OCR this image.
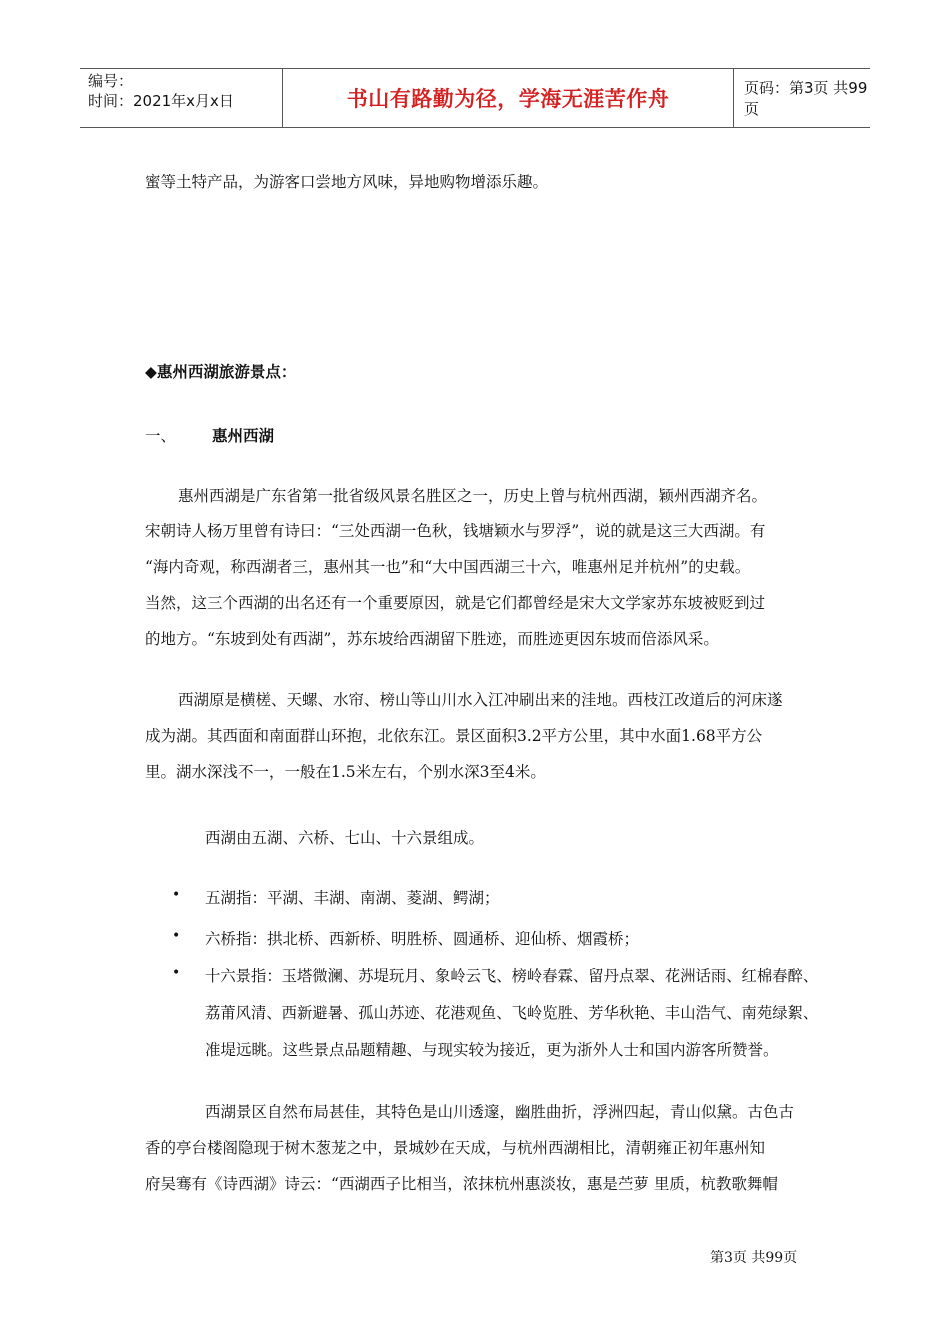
编号：
时间：2021年x月x日	书山有路勤为径，学海无涯苦作舟	页码：第3页 共99页
蜜等土特产品，为游客口尝地方风味，异地购物增添乐趣。
◆惠州西湖旅游景点：
一、 惠州西湖
惠州西湖是广东省第一批省级风景名胜区之一，历史上曾与杭州西湖，颖州西湖齐名。
宋朝诗人杨万里曾有诗曰：“三处西湖一色秋，钱塘颖水与罗浮”，说的就是这三大西湖。有
“海内奇观，称西湖者三，惠州其一也”和“大中国西湖三十六，唯惠州足并杭州”的史载。
当然，这三个西湖的出名还有一个重要原因，就是它们都曾经是宋大文学家苏东坡被贬到过
的地方。“东坡到处有西湖”，苏东坡给西湖留下胜迹，而胜迹更因东坡而倍添风采。
西湖原是横槎、天螺、水帘、榜山等山川水入江冲刷出来的洼地。西枝江改道后的河床遂
成为湖。其西面和南面群山环抱，北依东江。景区面积3.2平方公里，其中水面1.68平方公
里。湖水深浅不一，一般在1.5米左右，个别水深3至4米。
西湖由五湖、六桥、七山、十六景组成。
• 五湖指：平湖、丰湖、南湖、菱湖、鳄湖；
• 六桥指：拱北桥、西新桥、明胜桥、圆通桥、迎仙桥、烟霞桥；
• 十六景指：玉塔微澜、苏堤玩月、象岭云飞、榜岭春霖、留丹点翠、花洲话雨、红棉春醉、
荔莆风清、西新避暑、孤山苏迹、花港观鱼、飞岭览胜、芳华秋艳、丰山浩气、南苑绿絮、
准堤远眺。这些景点品题精趣、与现实较为接近，更为浙外人士和国内游客所赞誉。
西湖景区自然布局甚佳，其特色是山川透邃，幽胜曲折，浮洲四起，青山似黛。古色古
香的亭台楼阁隐现于树木葱茏之中，景城妙在天成，与杭州西湖相比，清朝雍正初年惠州知
府吴骞有《诗西湖》诗云：“西湖西子比相当，浓抹杭州惠淡妆，惠是苎萝 里质，杭教歌舞帽
第3页 共99页
